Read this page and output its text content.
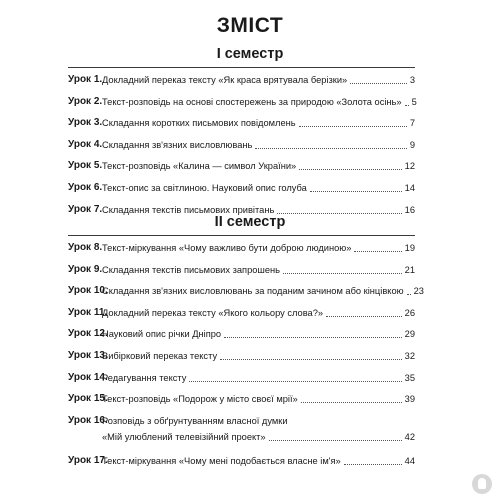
ЗМІСТ
І семестр
Урок 1. Докладний переказ тексту «Як краса врятувала берізки»	3
Урок 2. Текст-розповідь на основі спостережень за природою «Золота осінь» 5
Урок 3. Складання коротких письмових повідомлень	7
Урок 4. Складання зв'язних висловлювань	9
Урок 5. Текст-розповідь «Калина — символ України»	12
Урок 6. Текст-опис за світлиною. Науковий опис голуба	14
Урок 7. Складання текстів письмових привітань	16
II семестр
Урок 8. Текст-міркування «Чому важливо бути доброю людиною»	19
Урок 9. Складання текстів письмових запрошень	21
Урок 10.
Складання зв'язних висловлювань за поданим зачином або кінцівкою 23
Урок 11.
Докладний переказ тексту «Якого кольору слова?»	26
Урок 12.
Науковий опис річки Дніпро	29
Урок 13.
Вибірковий переказ тексту	32
Урок 14.
Редагування тексту	35
Урок 15.
Текст-розповідь «Подорож у місто своєї мрії»	39
Урок 16.
Розповідь з обґрунтуванням власної думки
«Мій улюблений телевізійний проект»	42
Урок 17.
Текст-міркування «Чому мені подобається власне ім'я»	44
